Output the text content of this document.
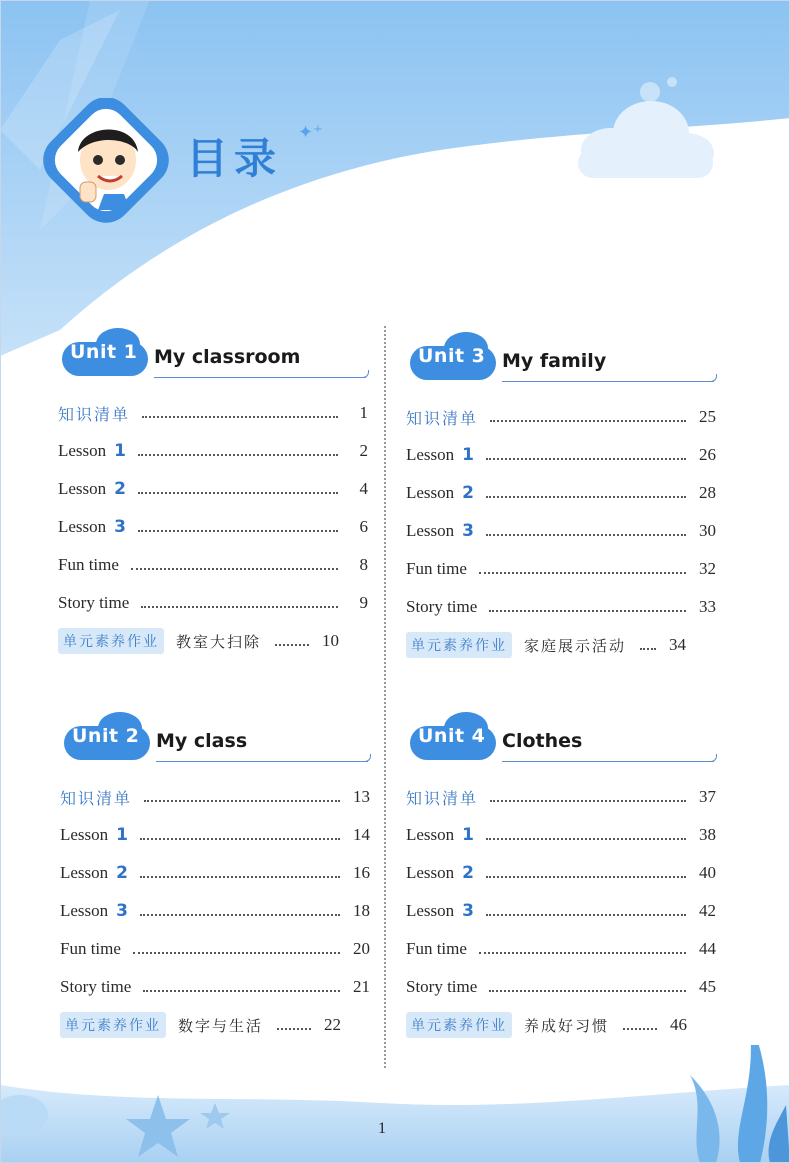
目录
✦⁺
Unit 1 My classroom
知识清单	1
Lesson 1	2
Lesson 2	4
Lesson 3	6
Fun time	8
Story time	9
单元素养作业	教室大扫除	10
Unit 2 My class
知识清单	13
Lesson 1	14
Lesson 2	16
Lesson 3	18
Fun time	20
Story time	21
单元素养作业	数字与生活	22
Unit 3 My family
知识清单	25
Lesson 1	26
Lesson 2	28
Lesson 3	30
Fun time	32
Story time	33
单元素养作业	家庭展示活动	34
Unit 4 Clothes
知识清单	37
Lesson 1	38
Lesson 2	40
Lesson 3	42
Fun time	44
Story time	45
单元素养作业	养成好习惯	46
1
